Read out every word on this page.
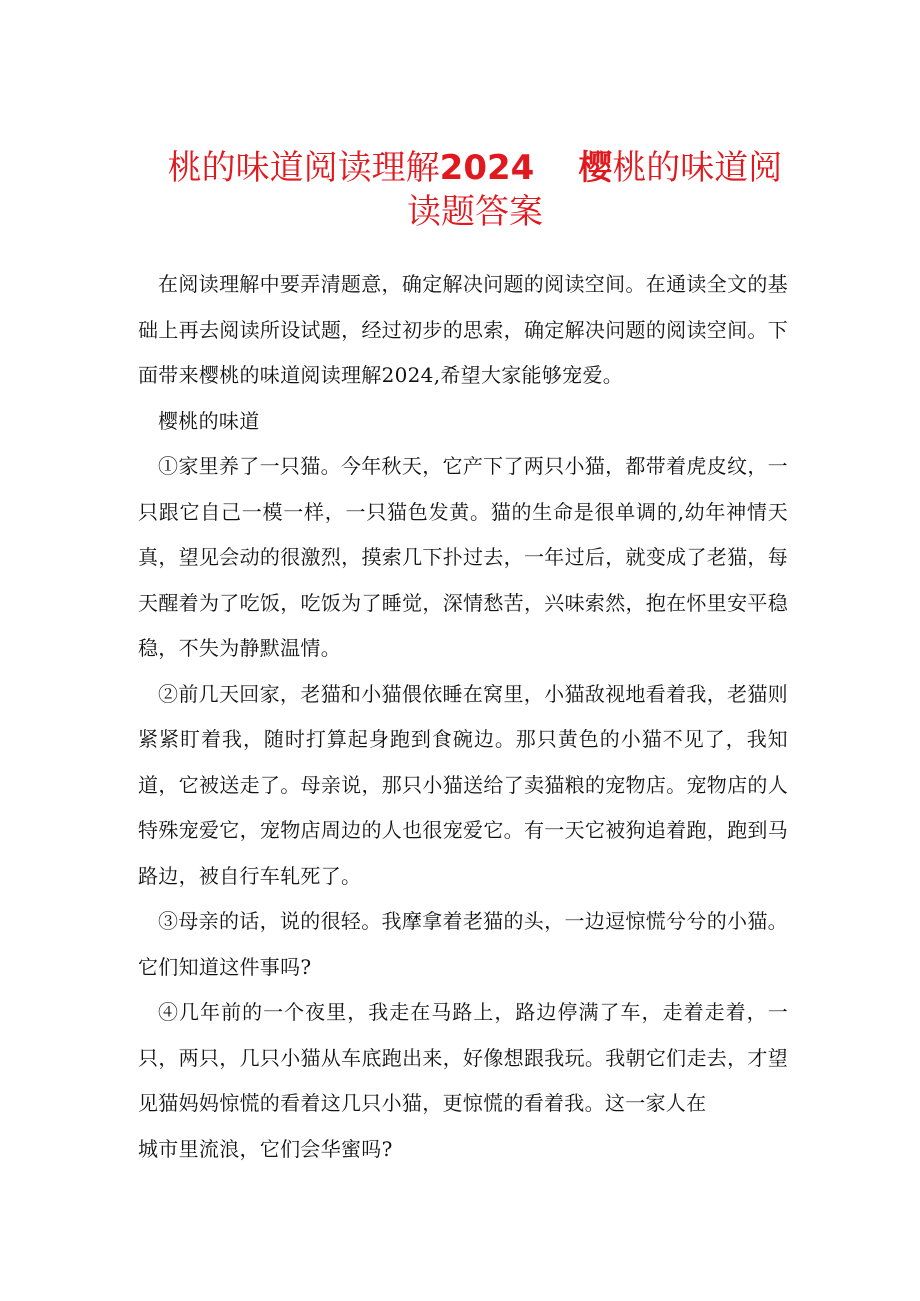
桃的味道阅读理解2024 樱桃的味道阅
读题答案

在阅读理解中要弄清题意，确定解决问题的阅读空间。在通读全文的基础上再去阅读所设试题，经过初步的思索，确定解决问题的阅读空间。下面带来樱桃的味道阅读理解2024,希望大家能够宠爱。

樱桃的味道

①家里养了一只猫。今年秋天，它产下了两只小猫，都带着虎皮纹，一只跟它自己一模一样，一只猫色发黄。猫的生命是很单调的,幼年神情天真，望见会动的很激烈，摸索几下扑过去，一年过后，就变成了老猫，每天醒着为了吃饭，吃饭为了睡觉，深情愁苦，兴味索然，抱在怀里安平稳稳，不失为静默温情。

②前几天回家，老猫和小猫偎依睡在窝里，小猫敌视地看着我，老猫则紧紧盯着我，随时打算起身跑到食碗边。那只黄色的小猫不见了，我知道，它被送走了。母亲说，那只小猫送给了卖猫粮的宠物店。宠物店的人特殊宠爱它，宠物店周边的人也很宠爱它。有一天它被狗追着跑，跑到马路边，被自行车轧死了。

③母亲的话，说的很轻。我摩拿着老猫的头，一边逗惊慌兮兮的小猫。它们知道这件事吗?

④几年前的一个夜里，我走在马路上，路边停满了车，走着走着，一只，两只，几只小猫从车底跑出来，好像想跟我玩。我朝它们走去，才望见猫妈妈惊慌的看着这几只小猫，更惊慌的看着我。这一家人在

城市里流浪，它们会华蜜吗?
